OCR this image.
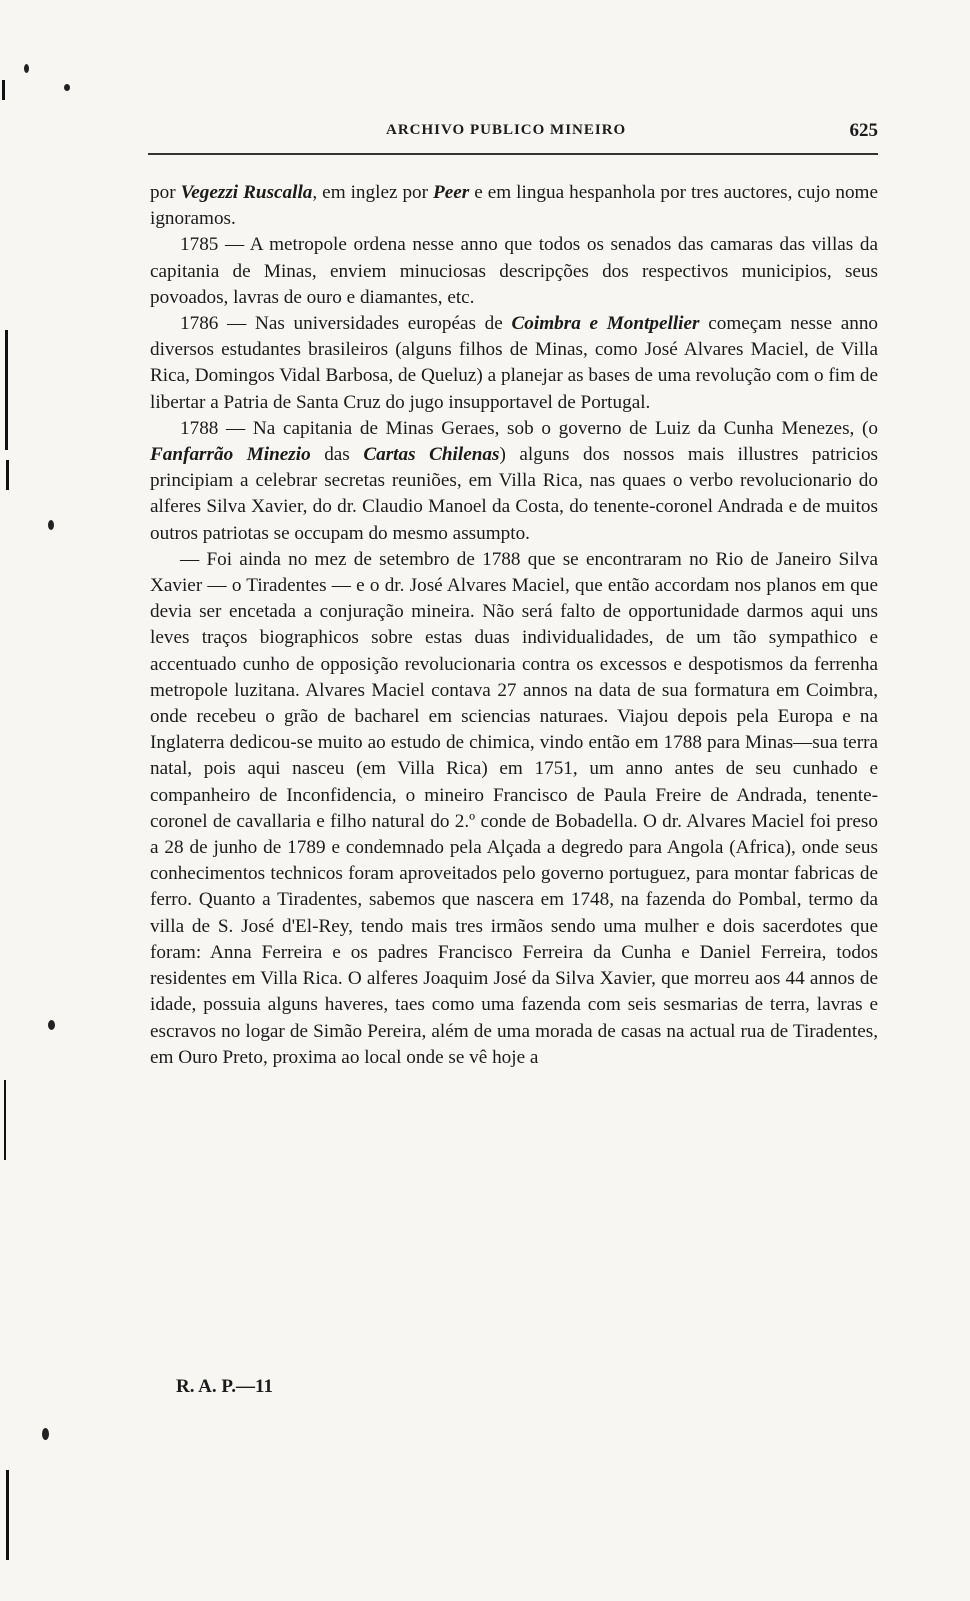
ARCHIVO PUBLICO MINEIRO	625

por Vegezzi Ruscalla, em inglez por Peer e em lingua hespanhola por tres auctores, cujo nome ignoramos.

1785 — A metropole ordena nesse anno que todos os senados das camaras das villas da capitania de Minas, enviem minuciosas descripções dos respectivos municipios, seus povoados, lavras de ouro e diamantes, etc.

1786 — Nas universidades européas de Coimbra e Montpellier começam nesse anno diversos estudantes brasileiros (alguns filhos de Minas, como José Alvares Maciel, de Villa Rica, Domingos Vidal Barbosa, de Queluz) a planejar as bases de uma revolução com o fim de libertar a Patria de Santa Cruz do jugo insupportavel de Portugal.

1788 — Na capitania de Minas Geraes, sob o governo de Luiz da Cunha Menezes, (o Fanfarrão Minezio das Cartas Chilenas) alguns dos nossos mais illustres patricios principiam a celebrar secretas reuniões, em Villa Rica, nas quaes o verbo revolucionario do alferes Silva Xavier, do dr. Claudio Manoel da Costa, do tenente-coronel Andrada e de muitos outros patriotas se occupam do mesmo assumpto.

— Foi ainda no mez de setembro de 1788 que se encontraram no Rio de Janeiro Silva Xavier — o Tiradentes — e o dr. José Alvares Maciel, que então accordam nos planos em que devia ser encetada a conjuração mineira. Não será falto de opportunidade darmos aqui uns leves traços biographicos sobre estas duas individualidades, de um tão sympathico e accentuado cunho de opposição revolucionaria contra os excessos e despotismos da ferrenha metropole luzitana. Alvares Maciel contava 27 annos na data de sua formatura em Coimbra, onde recebeu o grão de bacharel em sciencias naturaes. Viajou depois pela Europa e na Inglaterra dedicou-se muito ao estudo de chimica, vindo então em 1788 para Minas—sua terra natal, pois aqui nasceu (em Villa Rica) em 1751, um anno antes de seu cunhado e companheiro de Inconfidencia, o mineiro Francisco de Paula Freire de Andrada, tenente-coronel de cavallaria e filho natural do 2.º conde de Bobadella. O dr. Alvares Maciel foi preso a 28 de junho de 1789 e condemnado pela Alçada a degredo para Angola (Africa), onde seus conhecimentos technicos foram aproveitados pelo governo portuguez, para montar fabricas de ferro. Quanto a Tiradentes, sabemos que nascera em 1748, na fazenda do Pombal, termo da villa de S. José d'El-Rey, tendo mais tres irmãos sendo uma mulher e dois sacerdotes que foram: Anna Ferreira e os padres Francisco Ferreira da Cunha e Daniel Ferreira, todos residentes em Villa Rica. O alferes Joaquim José da Silva Xavier, que morreu aos 44 annos de idade, possuia alguns haveres, taes como uma fazenda com seis sesmarias de terra, lavras e escravos no logar de Simão Pereira, além de uma morada de casas na actual rua de Tiradentes, em Ouro Preto, proxima ao local onde se vê hoje a

R. A. P.—11
